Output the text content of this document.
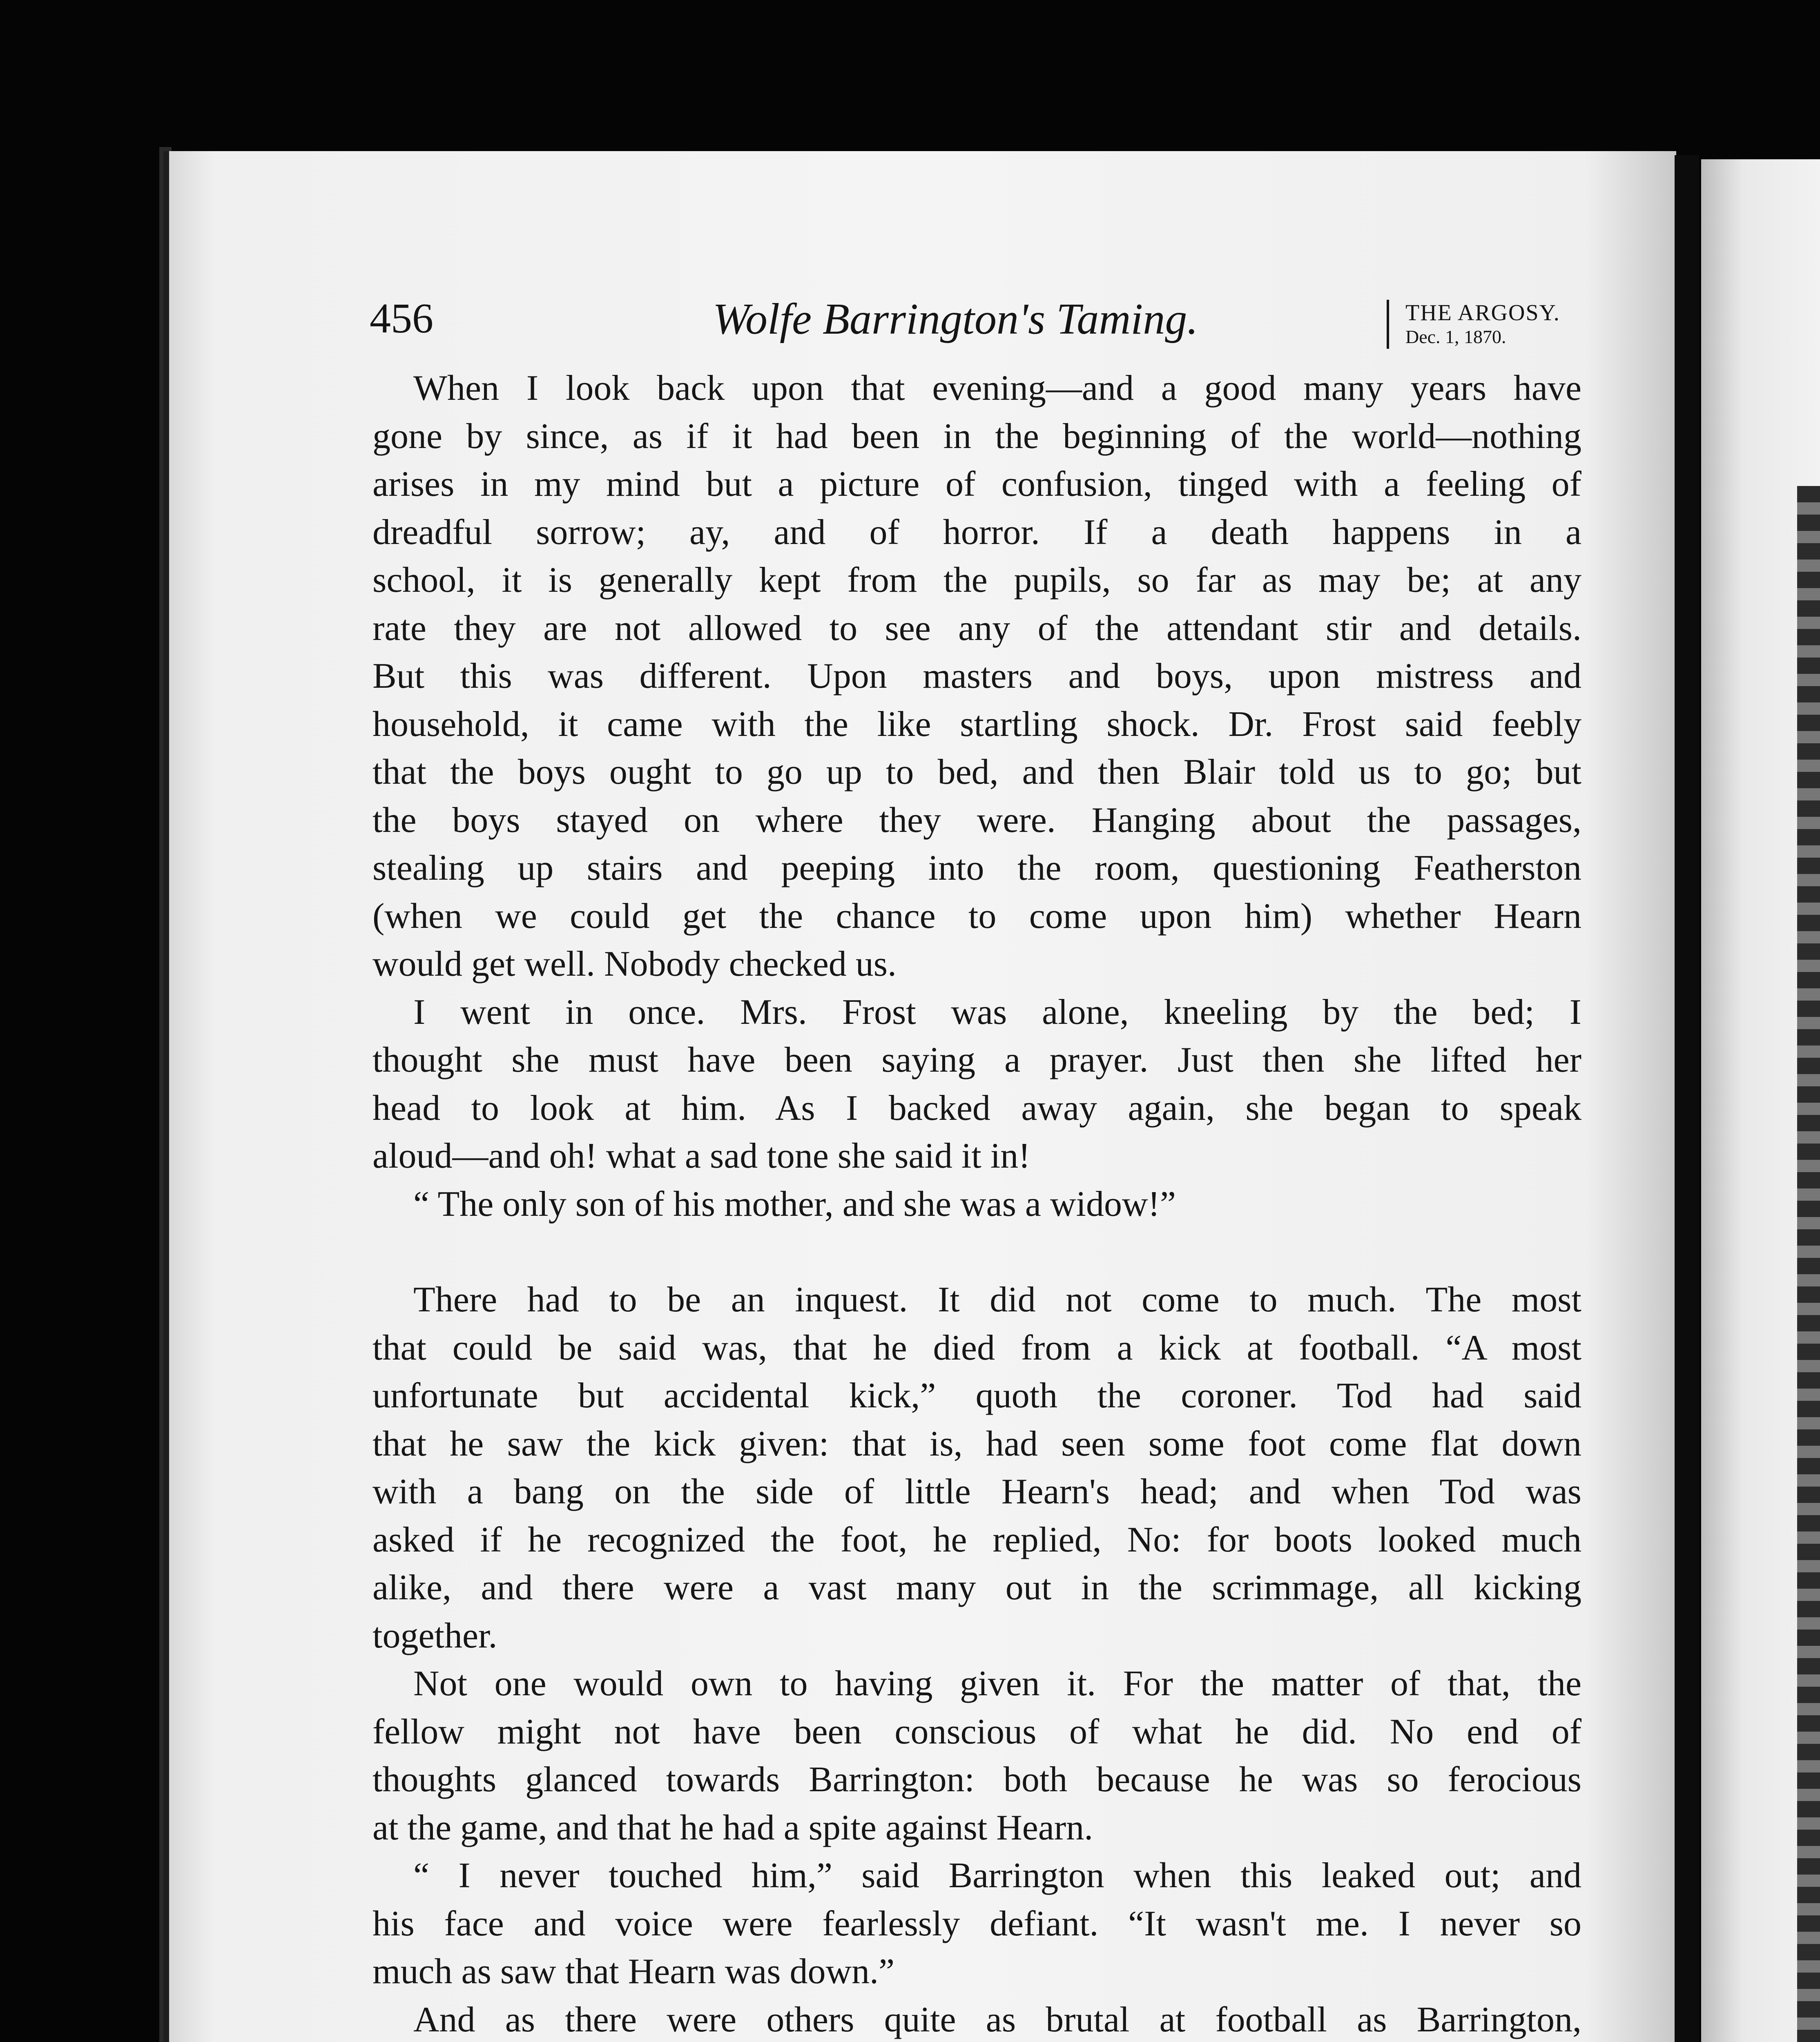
456	Wolfe Barrington's Taming.	THE ARGOSY.
Dec. 1, 1870.

When I look back upon that evening—and a good many years have

gone by since, as if it had been in the beginning of the world—nothing

arises in my mind but a picture of confusion, tinged with a feeling of

dreadful sorrow; ay, and of horror. If a death happens in a

school, it is generally kept from the pupils, so far as may be; at any

rate they are not allowed to see any of the attendant stir and details.

But this was different. Upon masters and boys, upon mistress and

household, it came with the like startling shock. Dr. Frost said feebly

that the boys ought to go up to bed, and then Blair told us to go; but

the boys stayed on where they were. Hanging about the passages,

stealing up stairs and peeping into the room, questioning Featherston

(when we could get the chance to come upon him) whether Hearn

would get well. Nobody checked us.

I went in once. Mrs. Frost was alone, kneeling by the bed; I

thought she must have been saying a prayer. Just then she lifted her

head to look at him. As I backed away again, she began to speak

aloud—and oh! what a sad tone she said it in!

“ The only son of his mother, and she was a widow!”

There had to be an inquest. It did not come to much. The most

that could be said was, that he died from a kick at football. “A most

unfortunate but accidental kick,” quoth the coroner. Tod had said

that he saw the kick given: that is, had seen some foot come flat down

with a bang on the side of little Hearn's head; and when Tod was

asked if he recognized the foot, he replied, No: for boots looked much

alike, and there were a vast many out in the scrimmage, all kicking

together.

Not one would own to having given it. For the matter of that, the

fellow might not have been conscious of what he did. No end of

thoughts glanced towards Barrington: both because he was so ferocious

at the game, and that he had a spite against Hearn.

“ I never touched him,” said Barrington when this leaked out; and

his face and voice were fearlessly defiant. “It wasn't me. I never so

much as saw that Hearn was down.”

And as there were others quite as brutal at football as Barrington,
